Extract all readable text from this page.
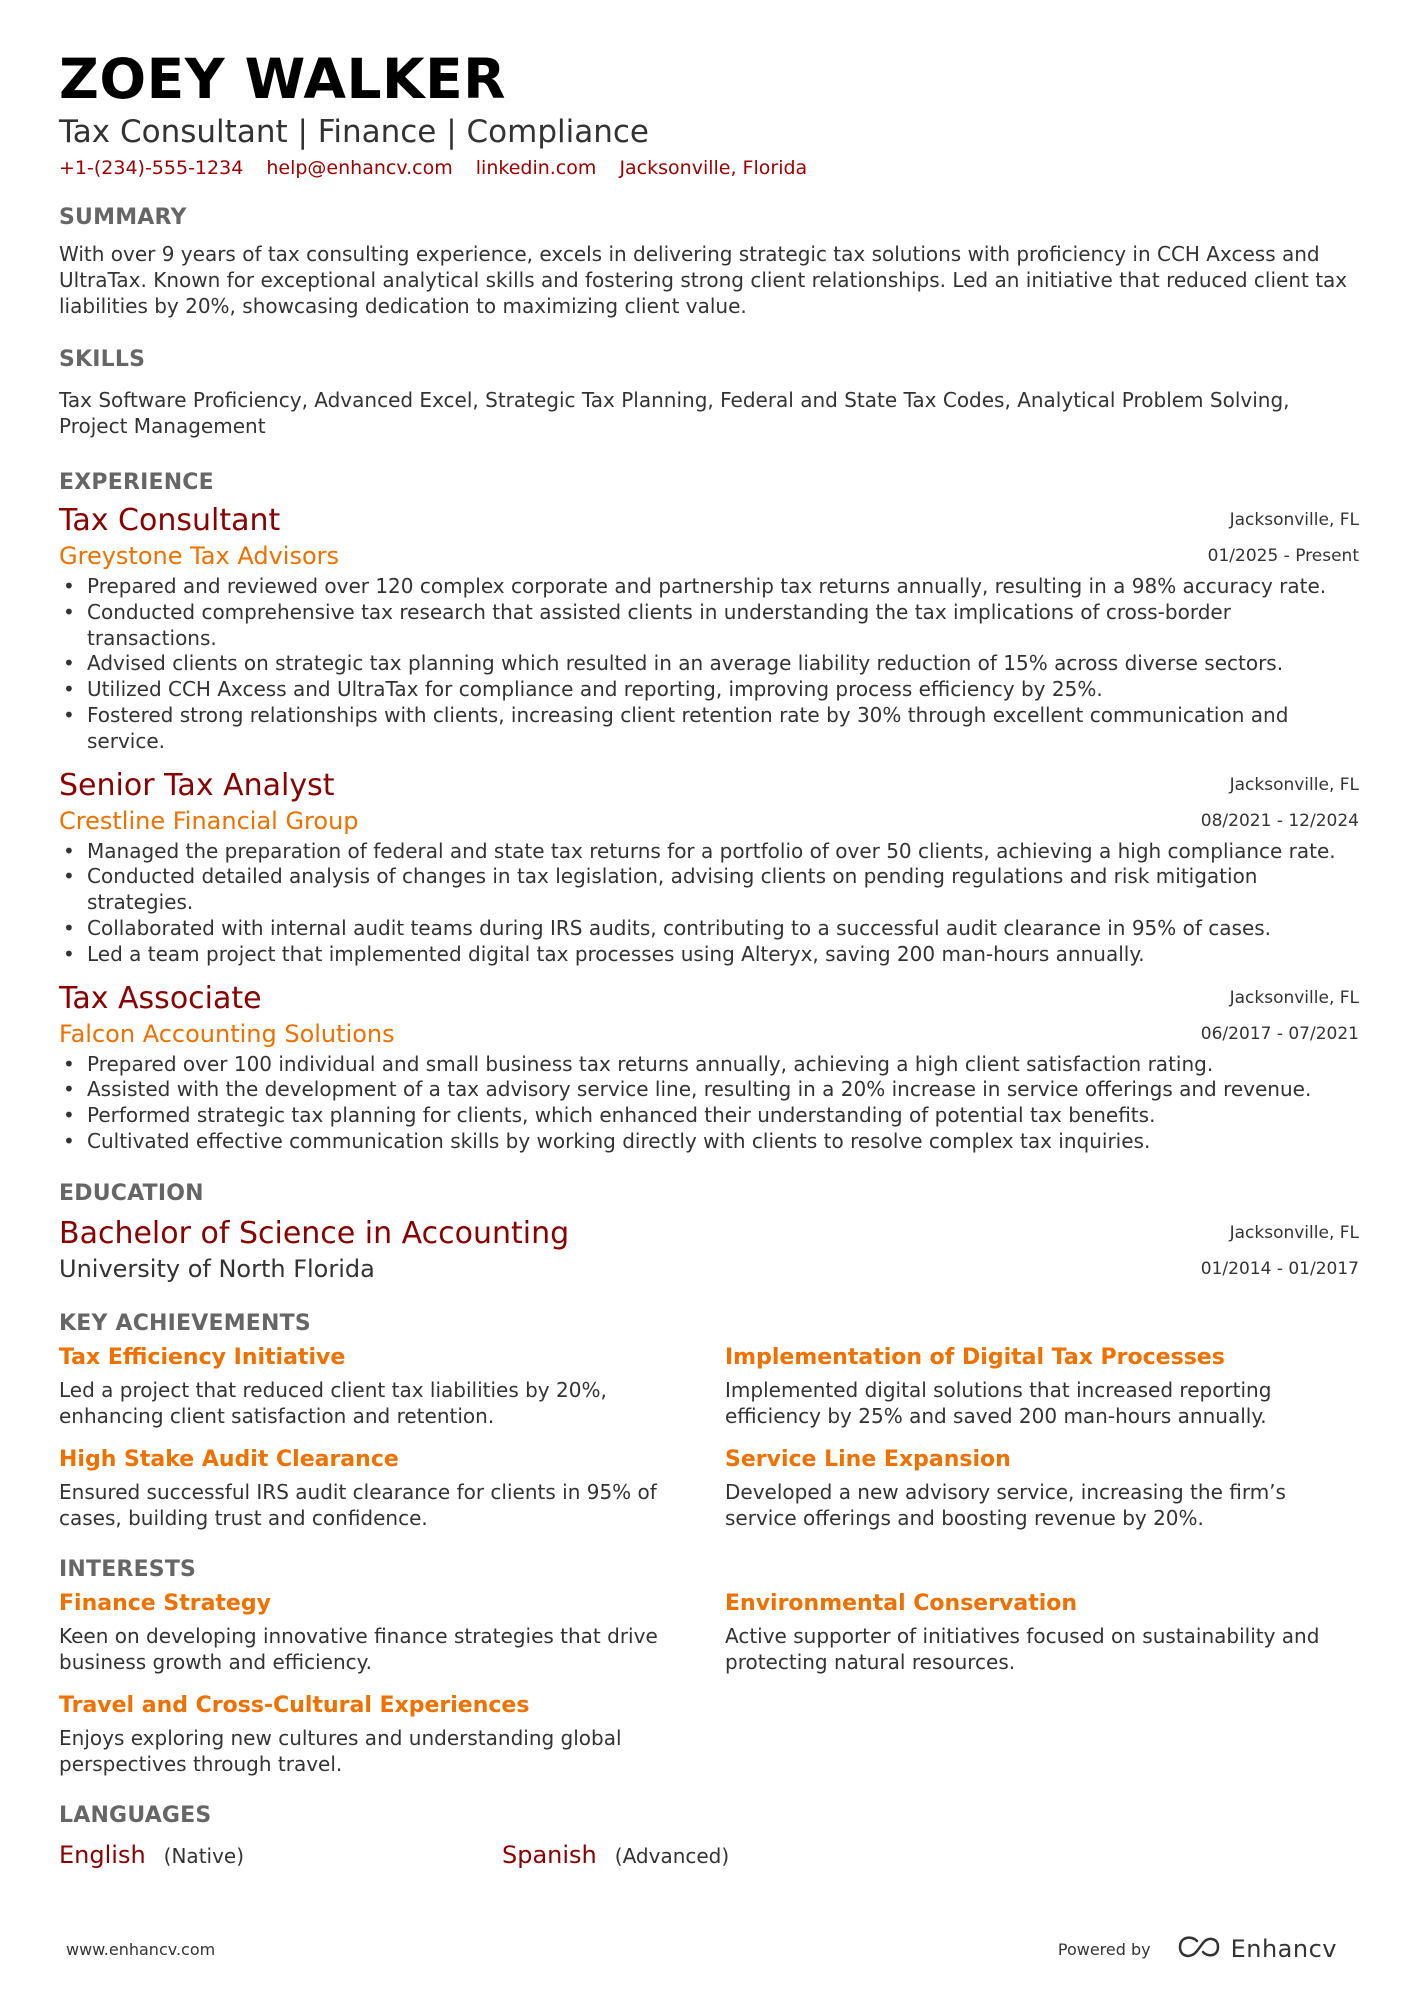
ZOEY WALKER
Tax Consultant | Finance | Compliance
+1-(234)-555-1234 help@enhancv.com linkedin.com Jacksonville, Florida
SUMMARY
With over 9 years of tax consulting experience, excels in delivering strategic tax solutions with proficiency in CCH Axcess and UltraTax. Known for exceptional analytical skills and fostering strong client relationships. Led an initiative that reduced client tax liabilities by 20%, showcasing dedication to maximizing client value.
SKILLS
Tax Software Proficiency, Advanced Excel, Strategic Tax Planning, Federal and State Tax Codes, Analytical Problem Solving, Project Management
EXPERIENCE
Tax Consultant
Greystone Tax Advisors
Jacksonville, FL
01/2025 - Present
• Prepared and reviewed over 120 complex corporate and partnership tax returns annually, resulting in a 98% accuracy rate.
• Conducted comprehensive tax research that assisted clients in understanding the tax implications of cross-border transactions.
• Advised clients on strategic tax planning which resulted in an average liability reduction of 15% across diverse sectors.
• Utilized CCH Axcess and UltraTax for compliance and reporting, improving process efficiency by 25%.
• Fostered strong relationships with clients, increasing client retention rate by 30% through excellent communication and service.
Senior Tax Analyst
Crestline Financial Group
Jacksonville, FL
08/2021 - 12/2024
• Managed the preparation of federal and state tax returns for a portfolio of over 50 clients, achieving a high compliance rate.
• Conducted detailed analysis of changes in tax legislation, advising clients on pending regulations and risk mitigation strategies.
• Collaborated with internal audit teams during IRS audits, contributing to a successful audit clearance in 95% of cases.
• Led a team project that implemented digital tax processes using Alteryx, saving 200 man-hours annually.
Tax Associate
Falcon Accounting Solutions
Jacksonville, FL
06/2017 - 07/2021
• Prepared over 100 individual and small business tax returns annually, achieving a high client satisfaction rating.
• Assisted with the development of a tax advisory service line, resulting in a 20% increase in service offerings and revenue.
• Performed strategic tax planning for clients, which enhanced their understanding of potential tax benefits.
• Cultivated effective communication skills by working directly with clients to resolve complex tax inquiries.
EDUCATION
Bachelor of Science in Accounting
University of North Florida
Jacksonville, FL
01/2014 - 01/2017
KEY ACHIEVEMENTS
Tax Efficiency Initiative
Led a project that reduced client tax liabilities by 20%, enhancing client satisfaction and retention.
Implementation of Digital Tax Processes
Implemented digital solutions that increased reporting efficiency by 25% and saved 200 man-hours annually.
High Stake Audit Clearance
Ensured successful IRS audit clearance for clients in 95% of cases, building trust and confidence.
Service Line Expansion
Developed a new advisory service, increasing the firm’s service offerings and boosting revenue by 20%.
INTERESTS
Finance Strategy
Keen on developing innovative finance strategies that drive business growth and efficiency.
Environmental Conservation
Active supporter of initiatives focused on sustainability and protecting natural resources.
Travel and Cross-Cultural Experiences
Enjoys exploring new cultures and understanding global perspectives through travel.
LANGUAGES
English (Native)	Spanish (Advanced)
www.enhancv.com	Powered by	Enhancv
